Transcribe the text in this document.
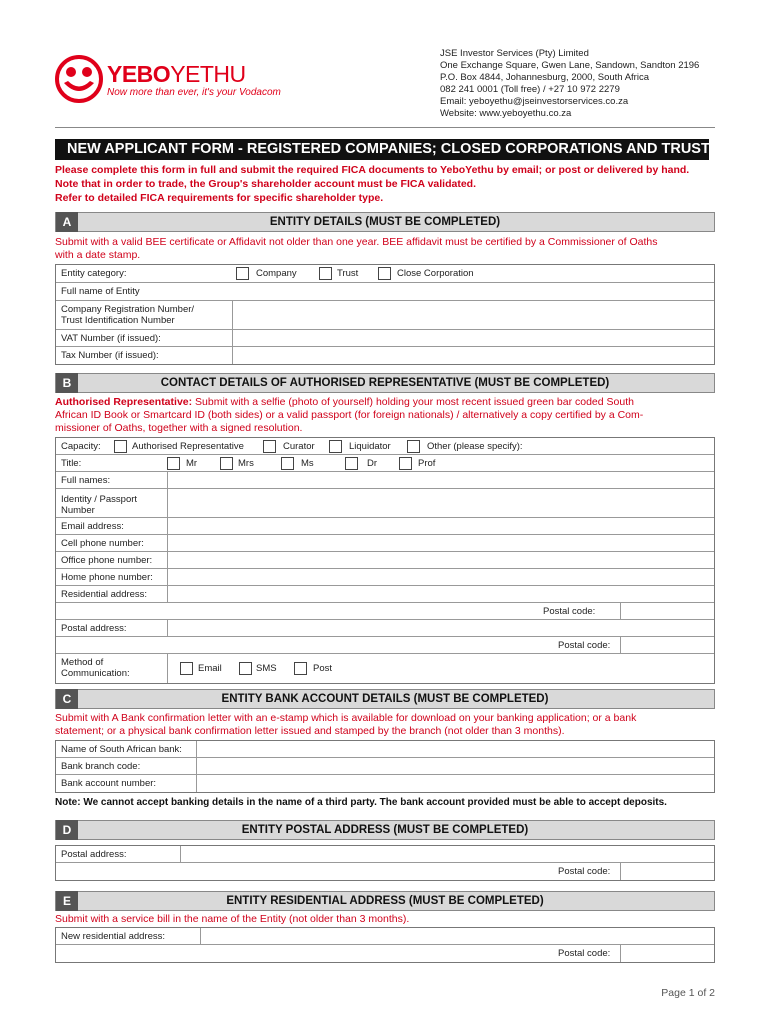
YEBOYETHU
Now more than ever, it's your Vodacom
JSE Investor Services (Pty) Limited
One Exchange Square, Gwen Lane, Sandown, Sandton 2196
P.O. Box 4844, Johannesburg, 2000, South Africa
082 241 0001 (Toll free) / +27 10 972 2279
Email: yeboyethu@jseinvestorservices.co.za
Website: www.yeboyethu.co.za
NEW APPLICANT FORM - REGISTERED COMPANIES; CLOSED CORPORATIONS AND TRUSTS
Please complete this form in full and submit the required FICA documents to YeboYethu by email; or post or delivered by hand.
Note that in order to trade, the Group's shareholder account must be FICA validated.
Refer to detailed FICA requirements for specific shareholder type.
A	ENTITY DETAILS (MUST BE COMPLETED)
Submit with a valid BEE certificate or Affidavit not older than one year. BEE affidavit must be certified by a Commissioner of Oaths
with a date stamp.
Entity category:	Company	Trust	Close Corporation
Full name of Entity
Company Registration Number/
Trust Identification Number
VAT Number (if issued):
Tax Number (if issued):
B	CONTACT DETAILS OF AUTHORISED REPRESENTATIVE (MUST BE COMPLETED)
Authorised Representative: Submit with a selfie (photo of yourself) holding your most recent issued green bar coded South
African ID Book or Smartcard ID (both sides) or a valid passport (for foreign nationals) / alternatively a copy certified by a Com-
missioner of Oaths, together with a signed resolution.
Capacity:	Authorised Representative	Curator	Liquidator	Other (please specify):
Title:	Mr	Mrs	Ms	Dr	Prof
Full names:
Identity / Passport
Number
Email address:
Cell phone number:
Office phone number:
Home phone number:
Residential address:
Postal code:
Postal address:
Postal code:
Method of
Communication:	Email	SMS	Post
C	ENTITY BANK ACCOUNT DETAILS (MUST BE COMPLETED)
Submit with A Bank confirmation letter with an e-stamp which is available for download on your banking application; or a bank
statement; or a physical bank confirmation letter issued and stamped by the branch (not older than 3 months).
Name of South African bank:
Bank branch code:
Bank account number:
Note: We cannot accept banking details in the name of a third party. The bank account provided must be able to accept deposits.
D	ENTITY POSTAL ADDRESS (MUST BE COMPLETED)
Postal address:
Postal code:
E	ENTITY RESIDENTIAL ADDRESS (MUST BE COMPLETED)
Submit with a service bill in the name of the Entity (not older than 3 months).
New residential address:
Postal code:
Page 1 of 2
